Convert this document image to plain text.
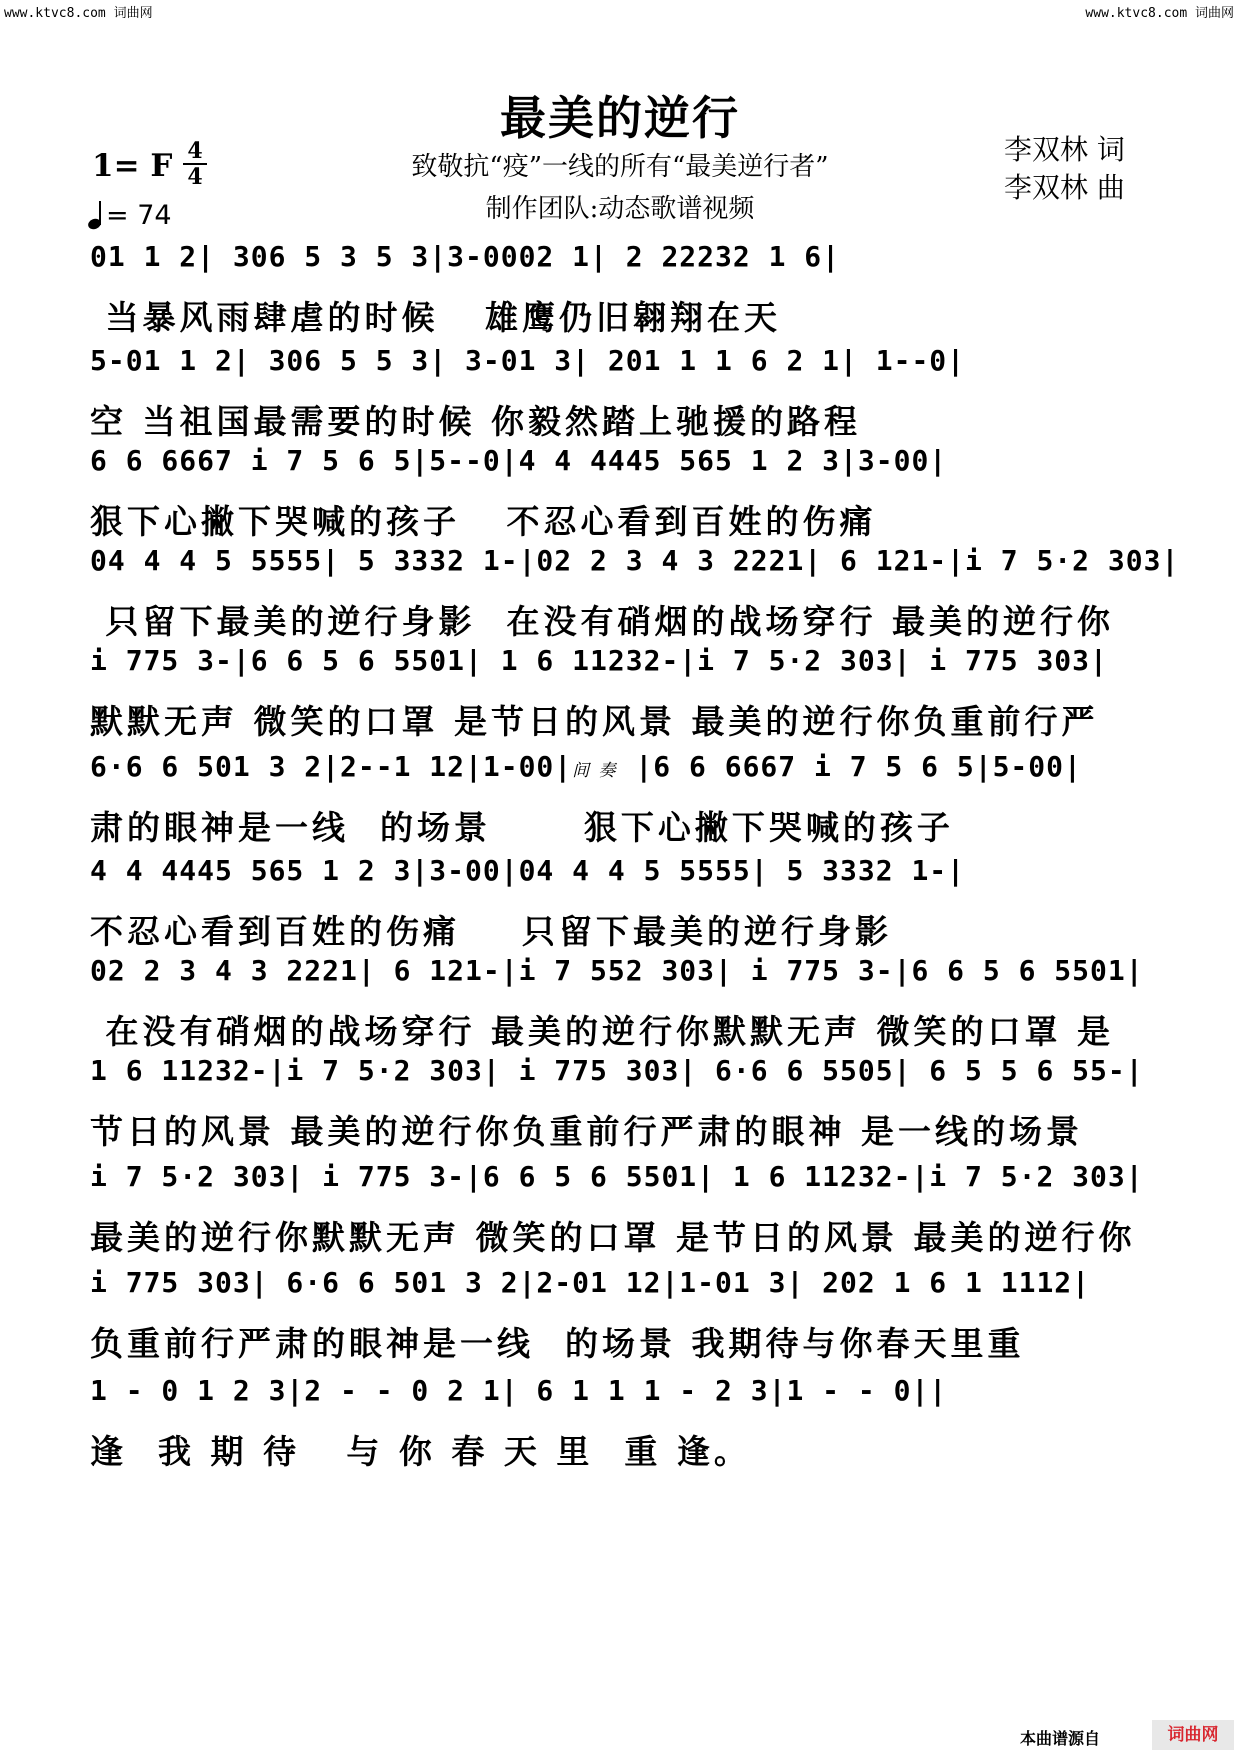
www.ktvc8.com 词曲网	www.ktvc8.com 词曲网
最美的逆行
1= F 4
4
= 74
致敬抗“疫”一线的所有“最美逆行者”
制作团队:动态歌谱视频
李双林 词
李双林 曲
01 1 2| 306 5 3 5 3|3-0002 1| 2 22232 1 6|
当暴风雨肆虐的时候   雄鹰仍旧翱翔在天
5-01 1 2| 306 5 5 3| 3-01 3| 201 1 1 6 2 1| 1--0|
空 当祖国最需要的时候 你毅然踏上驰援的路程
6 6 6667 i 7 5 6 5|5--0|4 4 4445 565 1 2 3|3-00|
狠下心撇下哭喊的孩子   不忍心看到百姓的伤痛
04 4 4 5 5555| 5 3332 1-|02 2 3 4 3 2221| 6 121-|i 7 5·2 303|
只留下最美的逆行身影  在没有硝烟的战场穿行 最美的逆行你
i 775 3-|6 6 5 6 5501| 1 6 11232-|i 7 5·2 303| i 775 303|
默默无声 微笑的口罩 是节日的风景 最美的逆行你负重前行严
6·6 6 501 3 2|2--1 12|1-00|间 奏 |6 6 6667 i 7 5 6 5|5-00|
肃的眼神是一线  的场景      狠下心撇下哭喊的孩子
4 4 4445 565 1 2 3|3-00|04 4 4 5 5555| 5 3332 1-|
不忍心看到百姓的伤痛    只留下最美的逆行身影
02 2 3 4 3 2221| 6 121-|i 7 552 303| i 775 3-|6 6 5 6 5501|
在没有硝烟的战场穿行 最美的逆行你默默无声 微笑的口罩 是
1 6 11232-|i 7 5·2 303| i 775 303| 6·6 6 5505| 6 5 5 6 55-|
节日的风景 最美的逆行你负重前行严肃的眼神 是一线的场景
i 7 5·2 303| i 775 3-|6 6 5 6 5501| 1 6 11232-|i 7 5·2 303|
最美的逆行你默默无声 微笑的口罩 是节日的风景 最美的逆行你
i 775 303| 6·6 6 501 3 2|2-01 12|1-01 3| 202 1 6 1 1112|
负重前行严肃的眼神是一线  的场景 我期待与你春天里重
1 - 0 1 2 3|2 - - 0 2 1| 6 1 1 1 - 2 3|1 - - 0||
逢  我 期 待   与 你 春 天 里  重 逢。
本曲谱源自	词曲网
